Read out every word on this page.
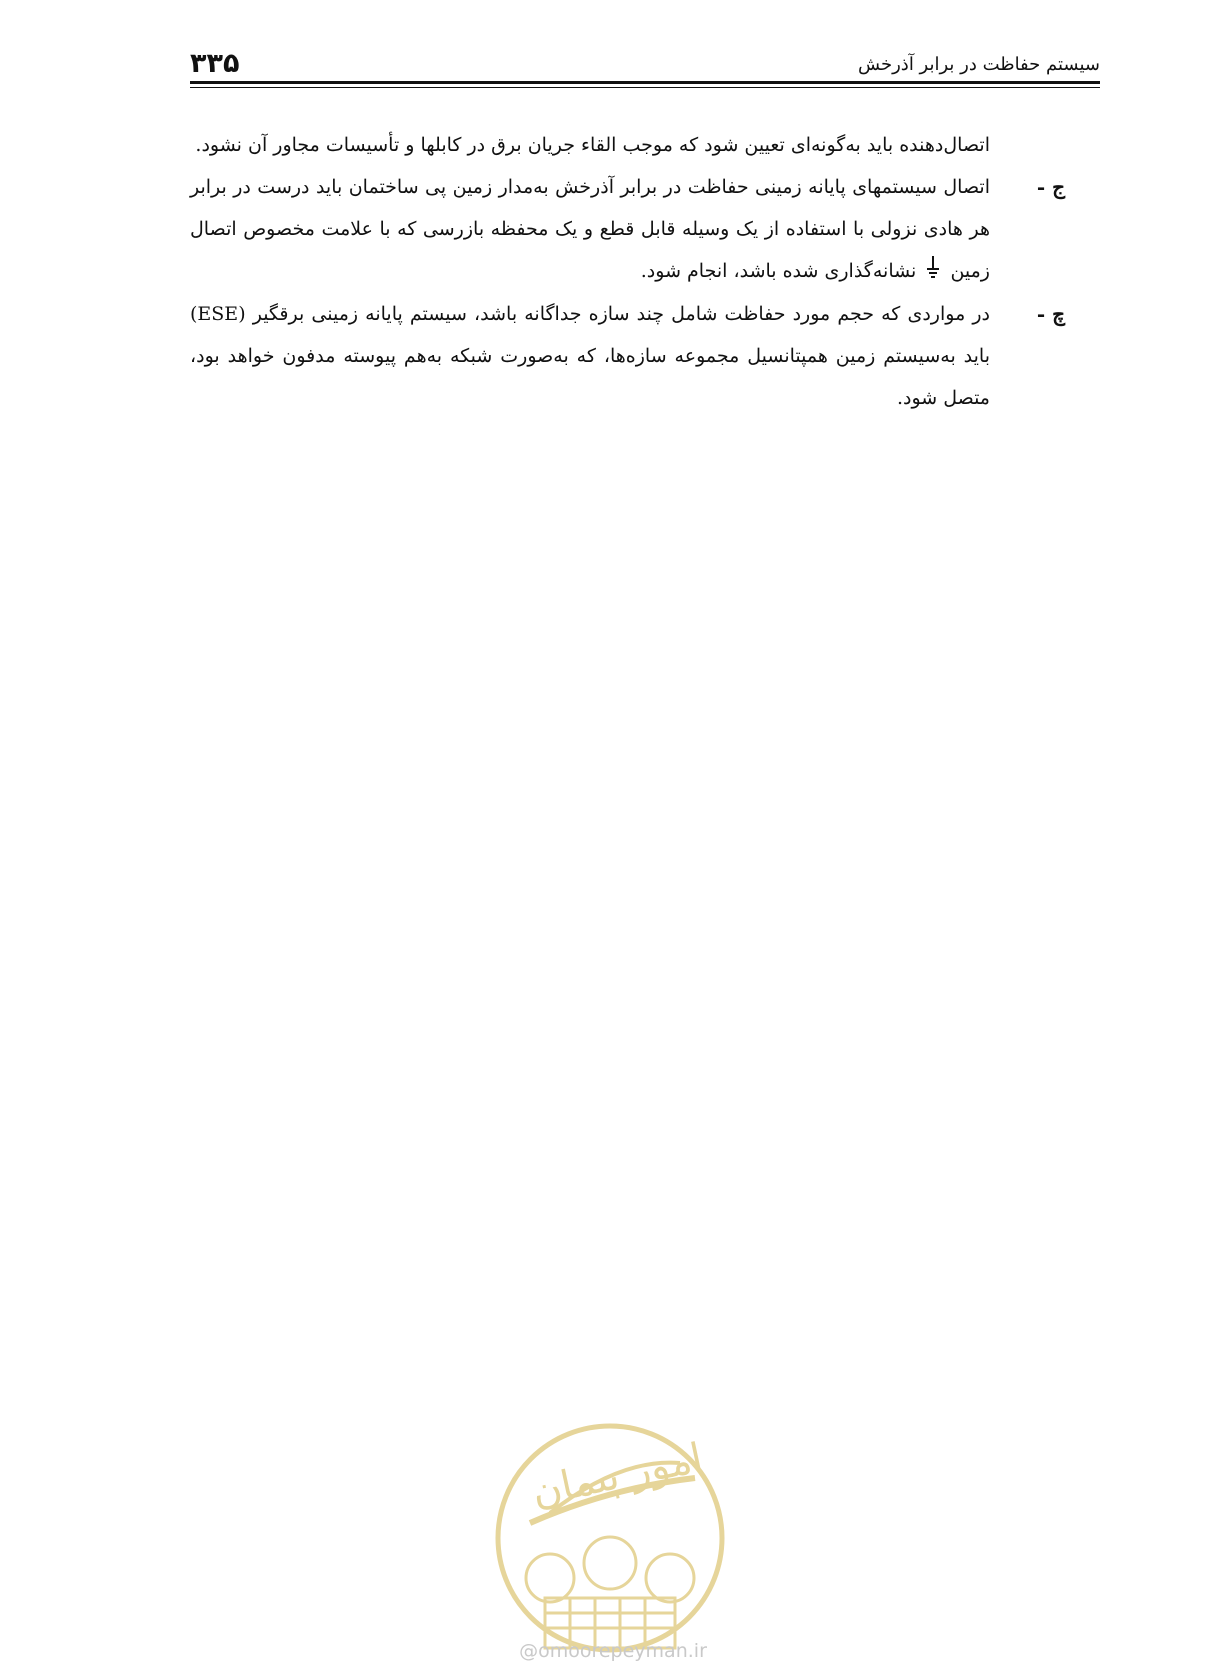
۳۳۵	سیستم حفاظت در برابر آذرخش

اتصال‌دهنده باید به‌گونه‌ای تعیین شود که موجب القاء جریان برق در کابلها و تأسیسات مجاور آن نشود.

ج -

اتصال سیستمهای پایانه زمینی حفاظت در برابر آذرخش به‌مدار زمین پی ساختمان باید درست در برابر هر هادی نزولی با استفاده از یک وسیله قابل قطع و یک محفظه بازرسی که با علامت مخصوص اتصال زمین  نشانه‌گذاری شده باشد، انجام شود.

چ -

در مواردی که حجم مورد حفاظت شامل چند سازه جداگانه باشد، سیستم پایانه زمینی برقگیر (ESE) باید به‌سیستم زمین همپتانسیل مجموعه سازه‌ها، که به‌صورت شبکه به‌هم پیوسته مدفون خواهد بود، متصل شود.

امور پیمان
@omoorepeyman.ir
